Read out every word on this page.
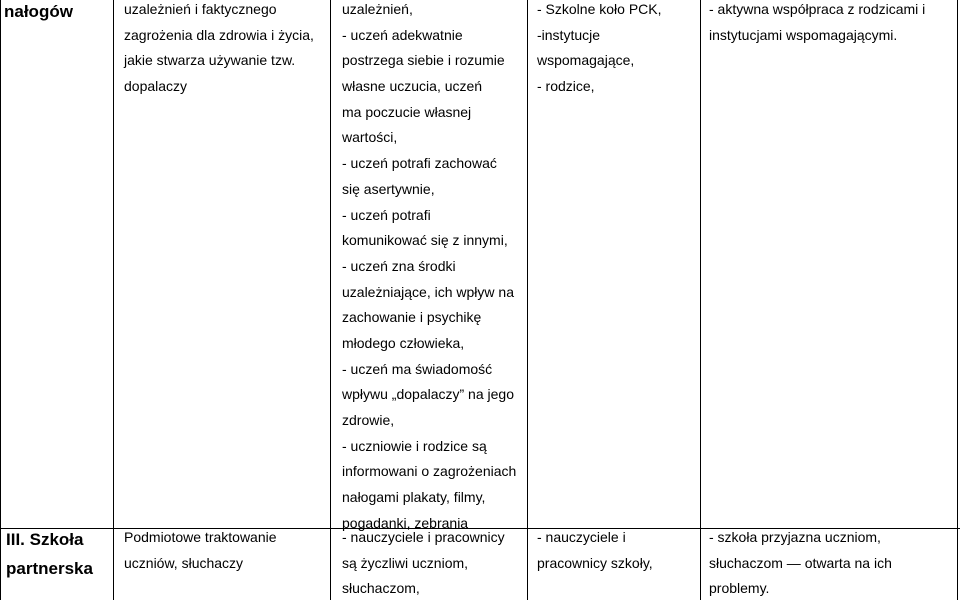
nałogów	uzależnień i faktycznego
zagrożenia dla zdrowia i życia,
jakie stwarza używanie tzw.
dopalaczy
uzależnień,
- uczeń adekwatnie
postrzega siebie i rozumie
własne uczucia, uczeń
ma poczucie własnej
wartości,
- uczeń potrafi zachować
się asertywnie,
- uczeń potrafi
komunikować się z innymi,
- uczeń zna środki
uzależniające, ich wpływ na
zachowanie i psychikę
młodego człowieka,
- uczeń ma świadomość
wpływu „dopalaczy” na jego
zdrowie,
- uczniowie i rodzice są
informowani o zagrożeniach
nałogami plakaty, filmy,
pogadanki, zebrania
- Szkolne koło PCK,
-instytucje
wspomagające,
- rodzice,
- aktywna współpraca z rodzicami i
instytucjami wspomagającymi.
III. Szkoła
partnerska
Podmiotowe traktowanie
uczniów, słuchaczy
- nauczyciele i pracownicy
są życzliwi uczniom,
słuchaczom,
- nauczyciele i
pracownicy szkoły,
- szkoła przyjazna uczniom,
słuchaczom — otwarta na ich
problemy.
